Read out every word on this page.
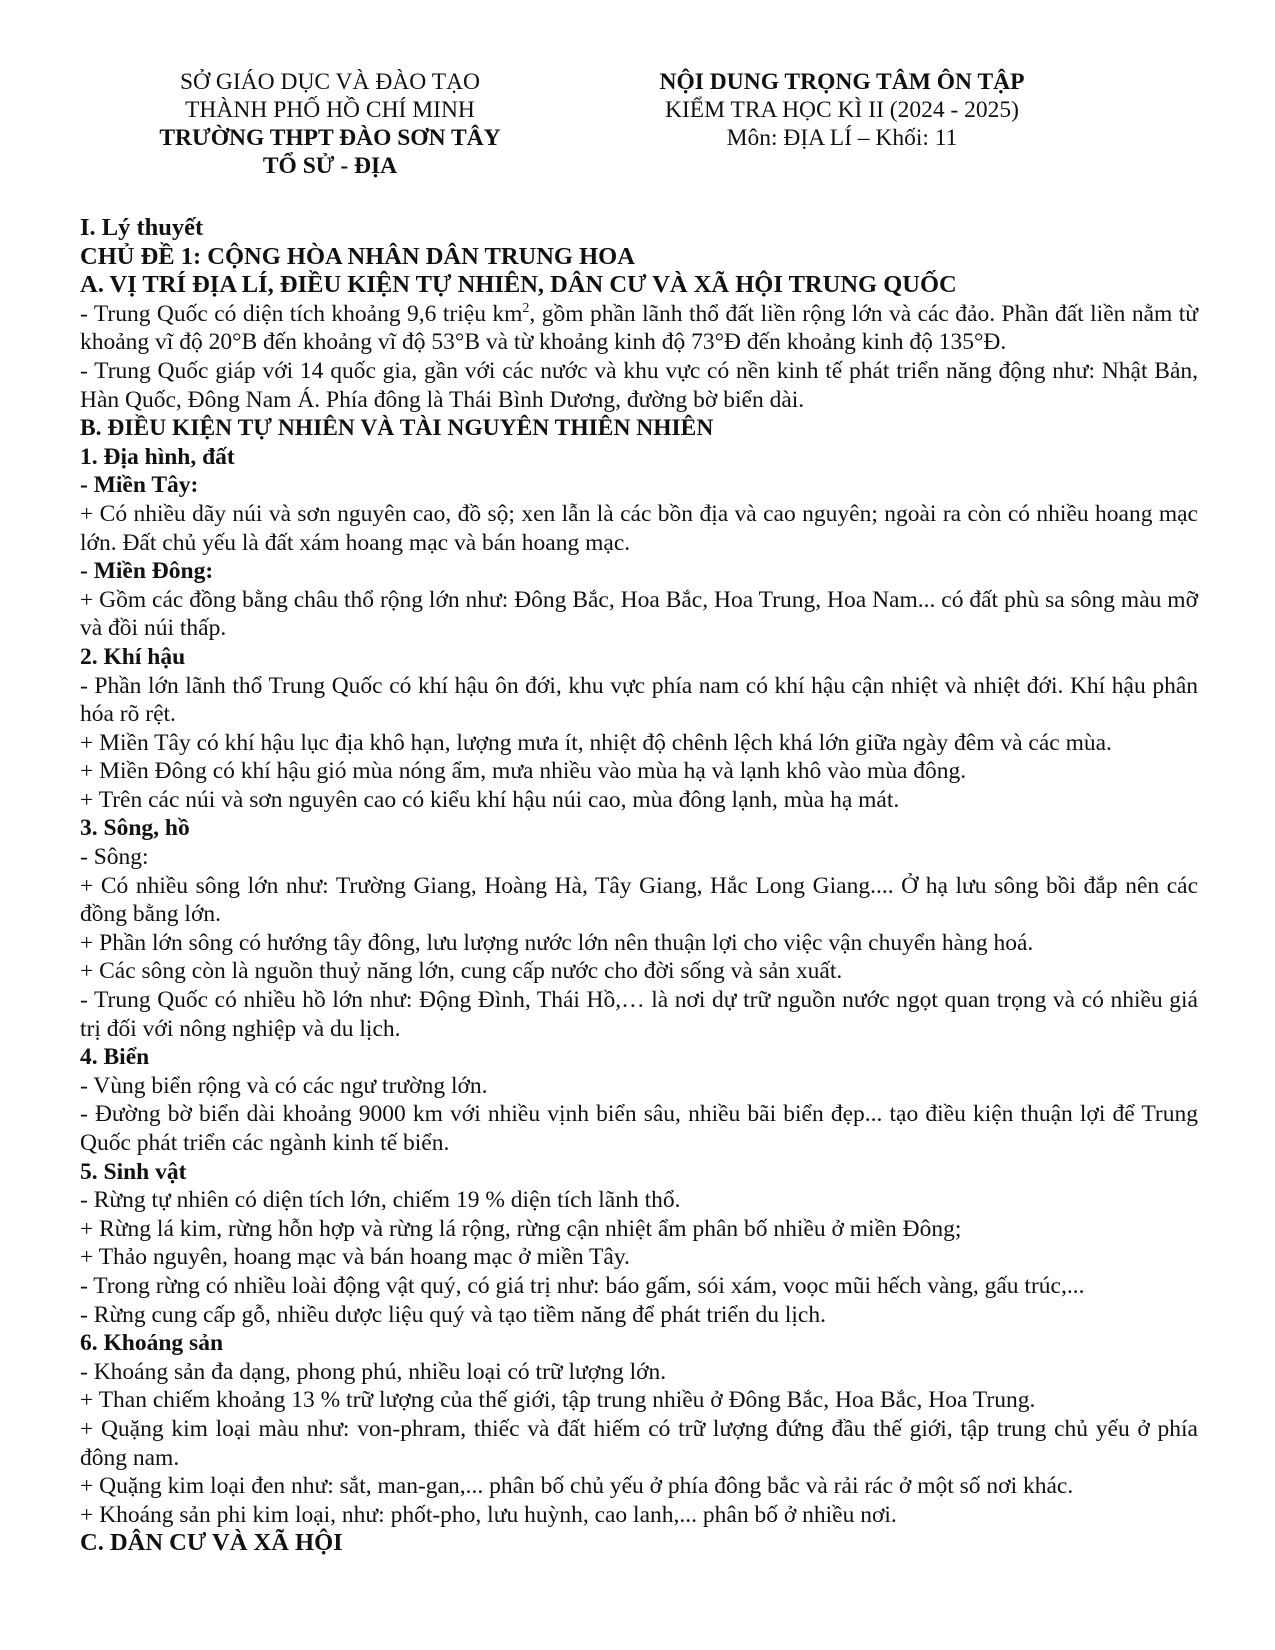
SỞ GIÁO DỤC VÀ ĐÀO TẠO
THÀNH PHỐ HỒ CHÍ MINH
TRƯỜNG THPT ĐÀO SƠN TÂY
TỔ SỬ - ĐỊA
NỘI DUNG TRỌNG TÂM ÔN TẬP
KIỂM TRA HỌC KÌ II (2024 - 2025)
Môn: ĐỊA LÍ – Khối: 11

I. Lý thuyết

CHỦ ĐỀ 1: CỘNG HÒA NHÂN DÂN TRUNG HOA

A. VỊ TRÍ ĐỊA LÍ, ĐIỀU KIỆN TỰ NHIÊN, DÂN CƯ VÀ XÃ HỘI TRUNG QUỐC

- Trung Quốc có diện tích khoảng 9,6 triệu $km^2$, gồm phần lãnh thổ đất liền rộng lớn và các đảo. Phần đất liền nằm từ khoảng vĩ độ 20°B đến khoảng vĩ độ 53°B và từ khoảng kinh độ 73°Đ đến khoảng kinh độ 135°Đ.

- Trung Quốc giáp với 14 quốc gia, gần với các nước và khu vực có nền kinh tế phát triển năng động như: Nhật Bản, Hàn Quốc, Đông Nam Á. Phía đông là Thái Bình Dương, đường bờ biển dài.

B. ĐIỀU KIỆN TỰ NHIÊN VÀ TÀI NGUYÊN THIÊN NHIÊN

1. Địa hình, đất

- Miền Tây:

+ Có nhiều dãy núi và sơn nguyên cao, đồ sộ; xen lẫn là các bồn địa và cao nguyên; ngoài ra còn có nhiều hoang mạc lớn. Đất chủ yếu là đất xám hoang mạc và bán hoang mạc.

- Miền Đông:

+ Gồm các đồng bằng châu thổ rộng lớn như: Đông Bắc, Hoa Bắc, Hoa Trung, Hoa Nam... có đất phù sa sông màu mỡ và đồi núi thấp.

2. Khí hậu

- Phần lớn lãnh thổ Trung Quốc có khí hậu ôn đới, khu vực phía nam có khí hậu cận nhiệt và nhiệt đới. Khí hậu phân hóa rõ rệt.

+ Miền Tây có khí hậu lục địa khô hạn, lượng mưa ít, nhiệt độ chênh lệch khá lớn giữa ngày đêm và các mùa.

+ Miền Đông có khí hậu gió mùa nóng ẩm, mưa nhiều vào mùa hạ và lạnh khô vào mùa đông.

+ Trên các núi và sơn nguyên cao có kiểu khí hậu núi cao, mùa đông lạnh, mùa hạ mát.

3. Sông, hồ

- Sông:

+ Có nhiều sông lớn như: Trường Giang, Hoàng Hà, Tây Giang, Hắc Long Giang.... Ở hạ lưu sông bồi đắp nên các đồng bằng lớn.

+ Phần lớn sông có hướng tây đông, lưu lượng nước lớn nên thuận lợi cho việc vận chuyển hàng hoá.

+ Các sông còn là nguồn thuỷ năng lớn, cung cấp nước cho đời sống và sản xuất.

- Trung Quốc có nhiều hồ lớn như: Động Đình, Thái Hồ,… là nơi dự trữ nguồn nước ngọt quan trọng và có nhiều giá trị đối với nông nghiệp và du lịch.

4. Biển

- Vùng biển rộng và có các ngư trường lớn.

- Đường bờ biển dài khoảng 9000 km với nhiều vịnh biển sâu, nhiều bãi biển đẹp... tạo điều kiện thuận lợi để Trung Quốc phát triển các ngành kinh tế biển.

5. Sinh vật

- Rừng tự nhiên có diện tích lớn, chiếm 19 % diện tích lãnh thổ.

+ Rừng lá kim, rừng hỗn hợp và rừng lá rộng, rừng cận nhiệt ẩm phân bố nhiều ở miền Đông;

+ Thảo nguyên, hoang mạc và bán hoang mạc ở miền Tây.

- Trong rừng có nhiều loài động vật quý, có giá trị như: báo gấm, sói xám, voọc mũi hếch vàng, gấu trúc,...

- Rừng cung cấp gỗ, nhiều dược liệu quý và tạo tiềm năng để phát triển du lịch.

6. Khoáng sản

- Khoáng sản đa dạng, phong phú, nhiều loại có trữ lượng lớn.

+ Than chiếm khoảng 13 % trữ lượng của thế giới, tập trung nhiều ở Đông Bắc, Hoa Bắc, Hoa Trung.

+ Quặng kim loại màu như: von-phram, thiếc và đất hiếm có trữ lượng đứng đầu thế giới, tập trung chủ yếu ở phía đông nam.

+ Quặng kim loại đen như: sắt, man-gan,... phân bố chủ yếu ở phía đông bắc và rải rác ở một số nơi khác.

+ Khoáng sản phi kim loại, như: phốt-pho, lưu huỳnh, cao lanh,... phân bố ở nhiều nơi.

C. DÂN CƯ VÀ XÃ HỘI
